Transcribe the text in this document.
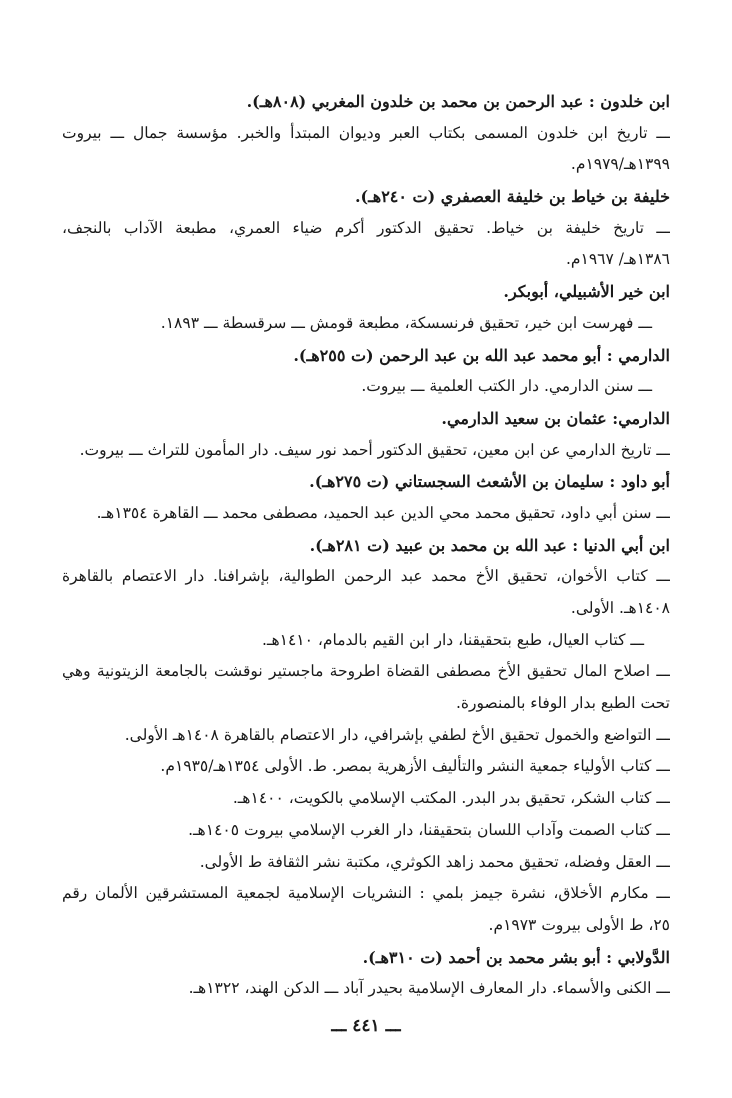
ابن خلدون : عبد الرحمن بن محمد بن خلدون المغربي (٨٠٨هـ).
ـــ تاريخ ابن خلدون المسمى بكتاب العبر وديوان المبتدأ والخبر. مؤسسة جمال ـــ بيروت
١٣٩٩هـ/١٩٧٩م.
خليفة بن خياط بن خليفة العصفري (ت ٢٤٠هـ).
ـــ تاريخ خليفة بن خياط. تحقيق الدكتور أكرم ضياء العمري، مطبعة الآداب بالنجف،
١٣٨٦هـ/ ١٩٦٧م.
ابن خير الأشبيلي، أبوبكر.
ـــ فهرست ابن خير، تحقيق فرنسسكة، مطبعة قومش ـــ سرقسطة ـــ ١٨٩٣.
الدارمي : أبو محمد عبد الله بن عبد الرحمن (ت ٢٥٥هـ).
ـــ سنن الدارمي. دار الكتب العلمية ـــ بيروت.
الدارمي: عثمان بن سعيد الدارمي.
ـــ تاريخ الدارمي عن ابن معين، تحقيق الدكتور أحمد نور سيف. دار المأمون للتراث ـــ بيروت.
أبو داود : سليمان بن الأشعث السجستاني (ت ٢٧٥هـ).
ـــ سنن أبي داود، تحقيق محمد محي الدين عبد الحميد، مصطفى محمد ـــ القاهرة ١٣٥٤هـ.
ابن أبي الدنيا : عبد الله بن محمد بن عبيد (ت ٢٨١هـ).
ـــ كتاب الأخوان، تحقيق الأخ محمد عبد الرحمن الطوالية، بإشرافنا. دار الاعتصام بالقاهرة
١٤٠٨هـ. الأولى.
ـــ كتاب العيال، طبع بتحقيقنا، دار ابن القيم بالدمام، ١٤١٠هـ.
ـــ اصلاح المال تحقيق الأخ مصطفى القضاة اطروحة ماجستير نوقشت بالجامعة الزيتونية وهي
تحت الطبع بدار الوفاء بالمنصورة.
ـــ التواضع والخمول تحقيق الأخ لطفي بإشرافي، دار الاعتصام بالقاهرة ١٤٠٨هـ الأولى.
ـــ كتاب الأولياء جمعية النشر والتأليف الأزهرية بمصر. ط. الأولى ١٣٥٤هـ/١٩٣٥م.
ـــ كتاب الشكر، تحقيق بدر البدر. المكتب الإسلامي بالكويت، ١٤٠٠هـ.
ـــ كتاب الصمت وآداب اللسان بتحقيقنا، دار الغرب الإسلامي بيروت ١٤٠٥هـ.
ـــ العقل وفضله، تحقيق محمد زاهد الكوثري، مكتبة نشر الثقافة ط الأولى.
ـــ مكارم الأخلاق، نشرة جيمز بلمي : النشريات الإسلامية لجمعية المستشرقين الألمان رقم
٢٥، ط الأولى بيروت ١٩٧٣م.
الدَّولابي : أبو بشر محمد بن أحمد (ت ٣١٠هـ).
ـــ الكنى والأسماء. دار المعارف الإسلامية بحيدر آباد ـــ الدكن الهند، ١٣٢٢هـ.
ـــ ٤٤١ ـــ
